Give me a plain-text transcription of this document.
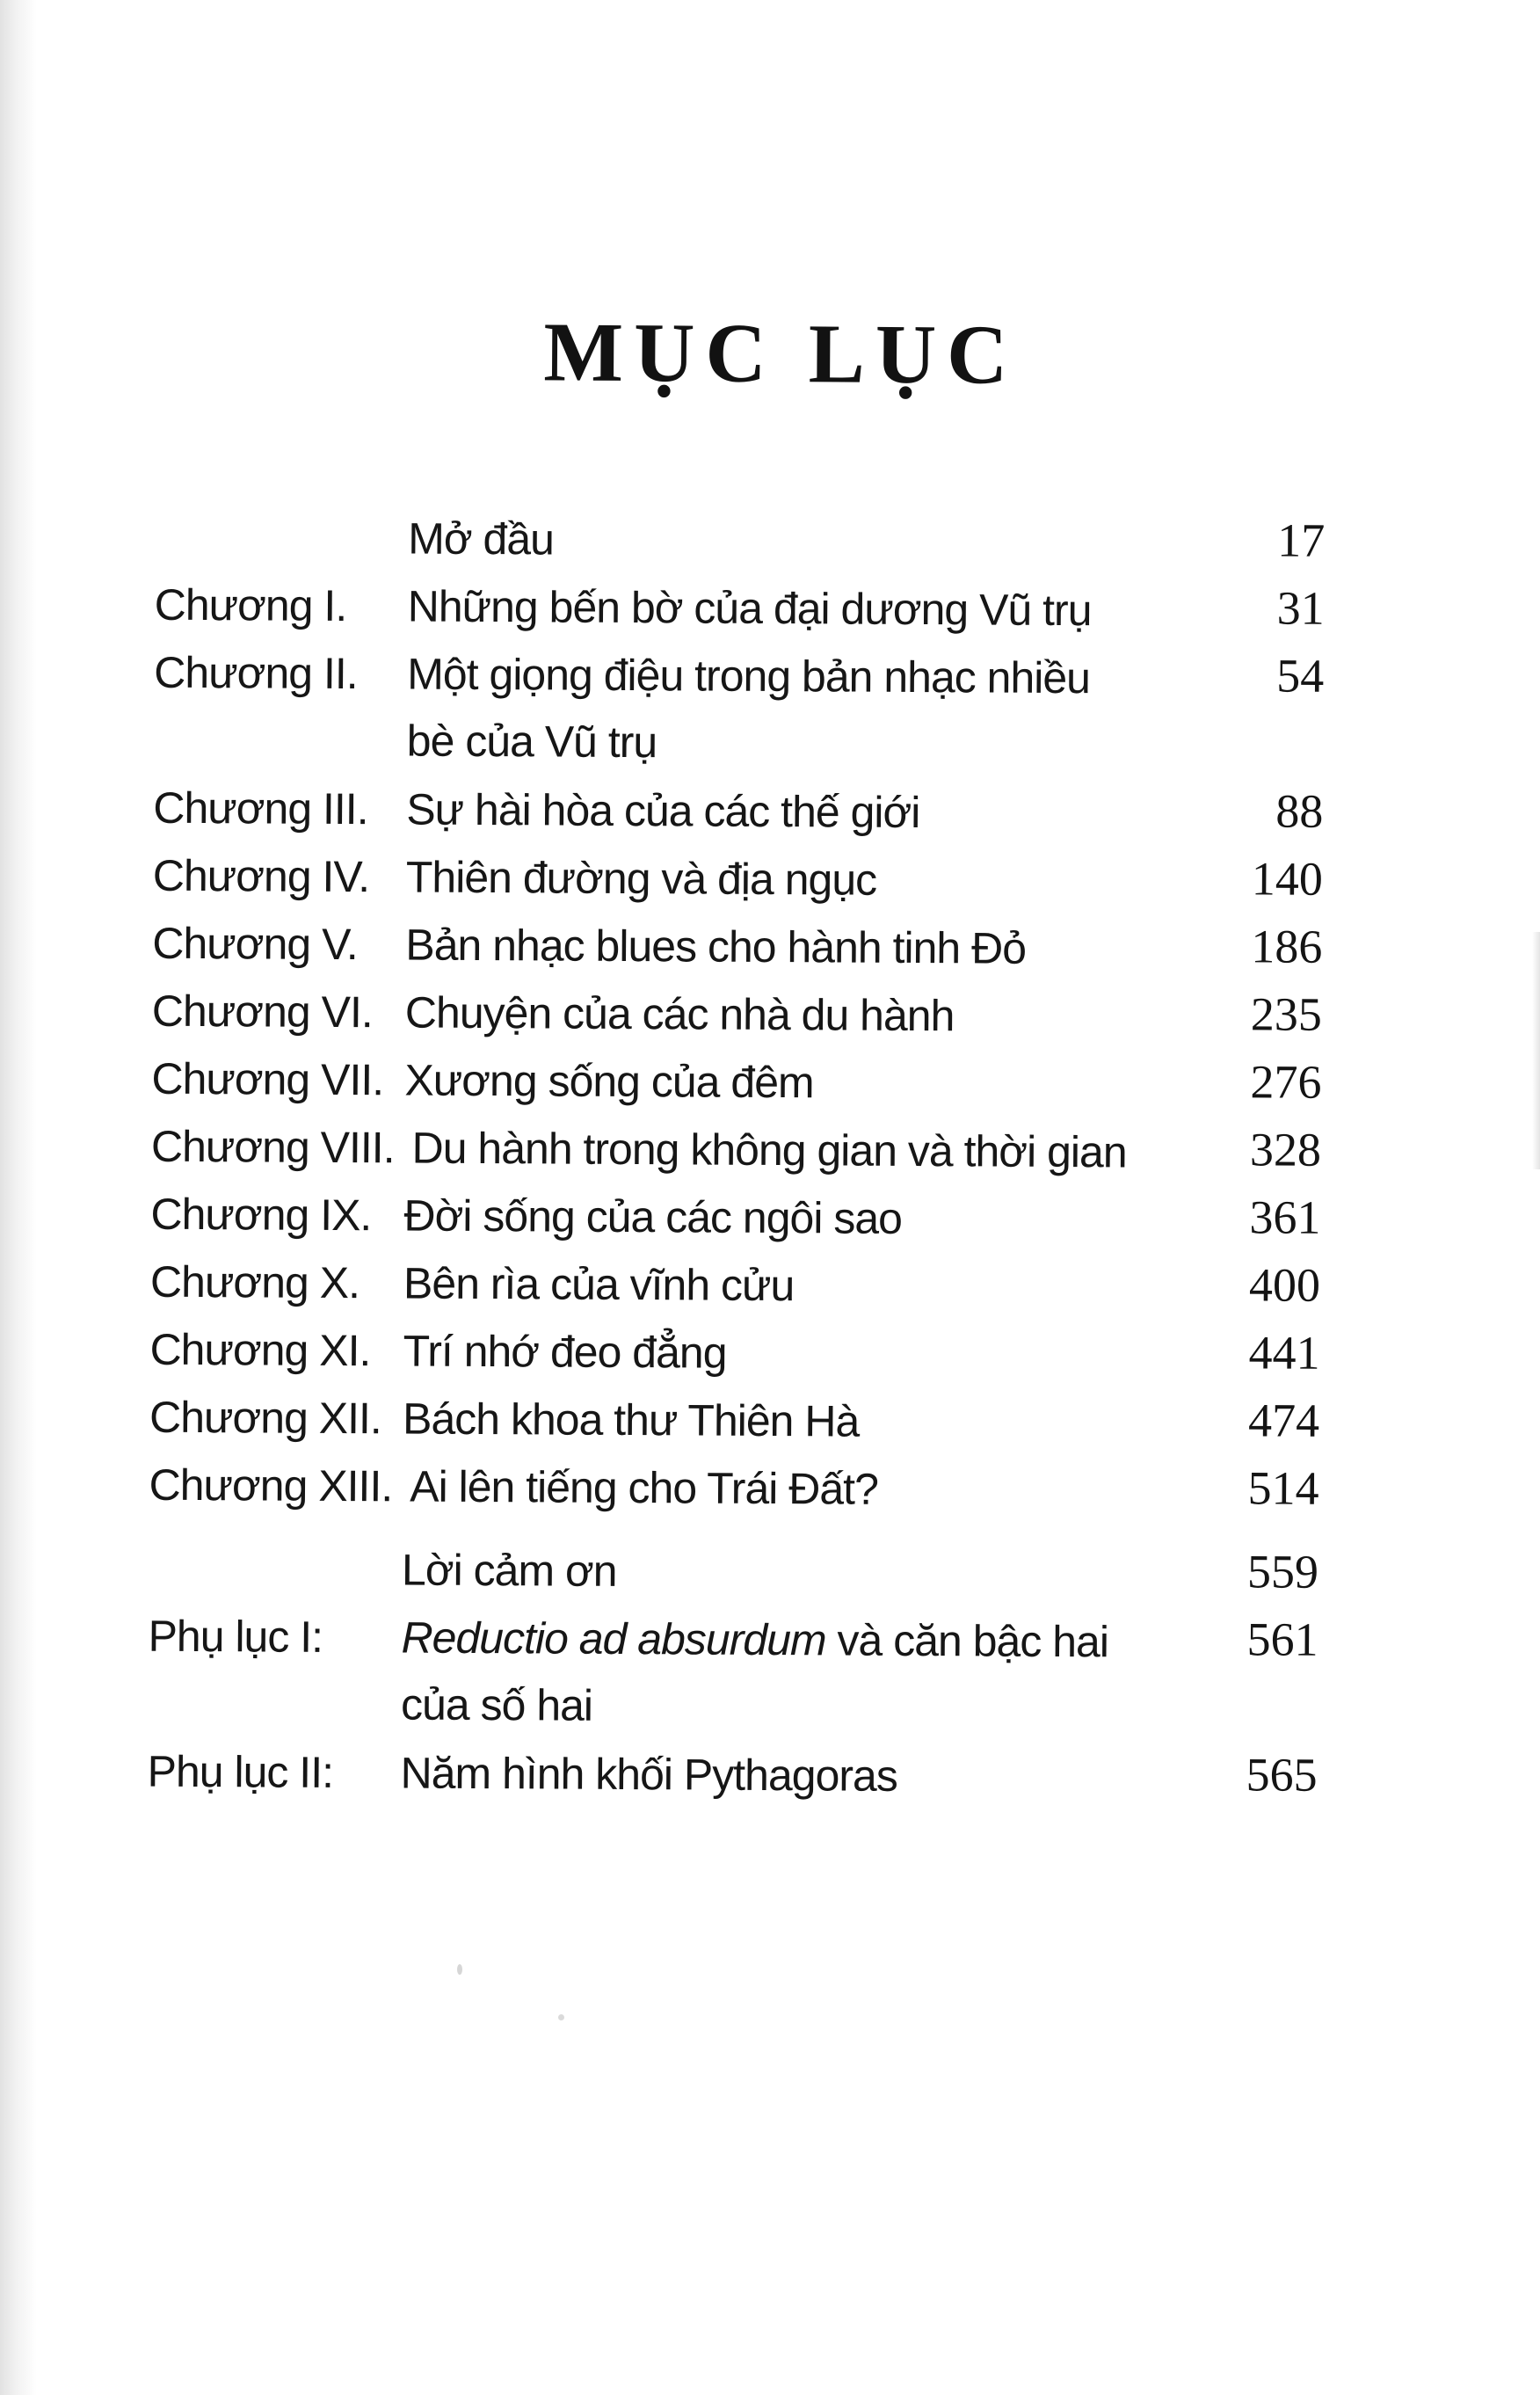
MỤC LỤC
Mở đầu	17
Chương I.	Những bến bờ của đại dương Vũ trụ	31
Chương II.	Một giọng điệu trong bản nhạc nhiều	54
bè của Vũ trụ
Chương III. Sự hài hòa của các thế giới	88
Chương IV. Thiên đường và địa ngục	140
Chương V.	Bản nhạc blues cho hành tinh Đỏ	186
Chương VI. Chuyện của các nhà du hành	235
Chương VII. Xương sống của đêm	276
Chương VIII. Du hành trong không gian và thời gian	328
Chương IX. Đời sống của các ngôi sao	361
Chương X. Bên rìa của vĩnh cửu	400
Chương XI. Trí nhớ đeo đẳng	441
Chương XII. Bách khoa thư Thiên Hà	474
Chương XIII. Ai lên tiếng cho Trái Đất?	514
Lời cảm ơn	559
Phụ lục I:	Reductio ad absurdum và căn bậc hai	561
của số hai
Phụ lục II:	Năm hình khối Pythagoras	565
